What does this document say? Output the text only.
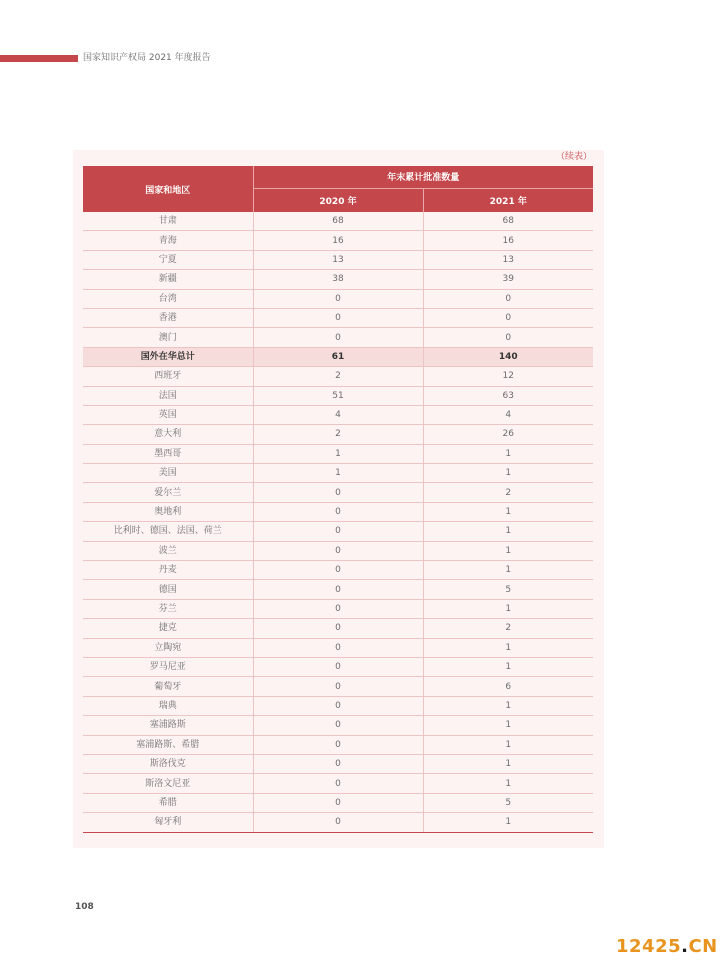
国家知识产权局 2021 年度报告
（续表）
国家和地区	年末累计批准数量	
	2020 年	2021 年
甘肃	68	68
青海	16	16
宁夏	13	13
新疆	38	39
台湾	0	0
香港	0	0
澳门	0	0
国外在华总计	61	140
西班牙	2	12
法国	51	63
英国	4	4
意大利	2	26
墨西哥	1	1
美国	1	1
爱尔兰	0	2
奥地利	0	1
比利时、德国、法国、荷兰	0	1
波兰	0	1
丹麦	0	1
德国	0	5
芬兰	0	1
捷克	0	2
立陶宛	0	1
罗马尼亚	0	1
葡萄牙	0	6
瑞典	0	1
塞浦路斯	0	1
塞浦路斯、希腊	0	1
斯洛伐克	0	1
斯洛文尼亚	0	1
希腊	0	5
匈牙利	0	1
108
12425.CN
